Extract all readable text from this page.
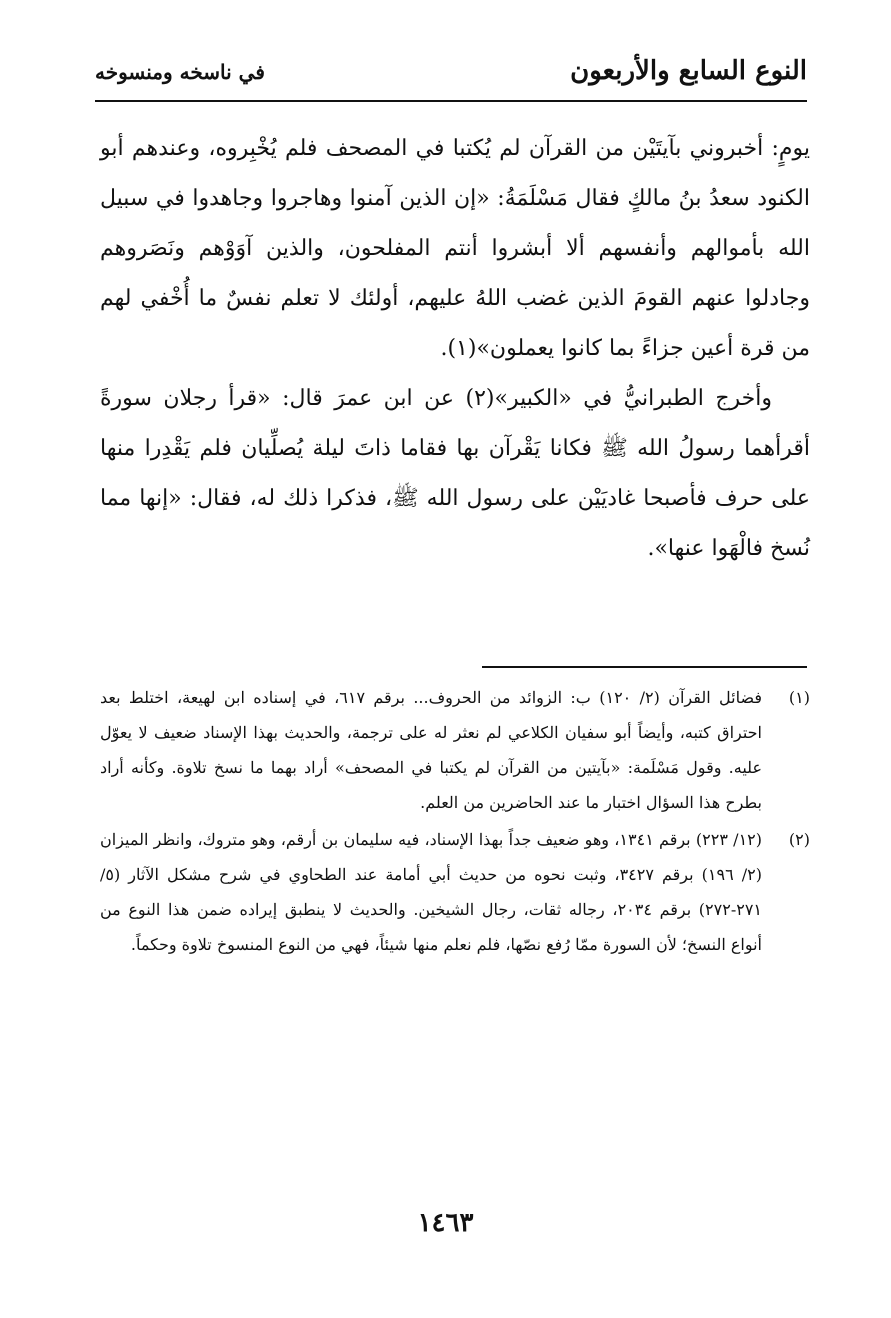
النوع السابع والأربعون
في ناسخه ومنسوخه

يومٍ: أخبروني بآيتَيْن من القرآن لم يُكتبا في المصحف فلم يُخْبِروه، وعندهم أبو الكنود سعدُ بنُ مالكٍ فقال مَسْلَمَةُ: «إن الذين آمنوا وهاجروا وجاهدوا في سبيل الله بأموالهم وأنفسهم ألا أبشروا أنتم المفلحون، والذين آوَوْهم ونَصَروهم وجادلوا عنهم القومَ الذين غضب اللهُ عليهم، أولئك لا تعلم نفسٌ ما أُخْفي لهم من قرة أعين جزاءً بما كانوا يعملون»(١).

وأخرج الطبرانيُّ في «الكبير»(٢) عن ابن عمرَ قال: «قرأ رجلان سورةً أقرأهما رسولُ الله ﷺ فكانا يَقْرآن بها فقاما ذاتَ ليلة يُصلِّيان فلم يَقْدِرا منها على حرف فأصبحا غاديَيْن على رسول الله ﷺ، فذكرا ذلك له، فقال: «إنها مما نُسخ فالْهَوا عنها».

(١)
فضائل القرآن (٢/ ١٢٠) ب: الزوائد من الحروف... برقم ٦١٧، في إسناده ابن لهيعة، اختلط بعد احتراق كتبه، وأيضاً أبو سفيان الكلاعي لم نعثر له على ترجمة، والحديث بهذا الإسناد ضعيف لا يعوّل عليه. وقول مَسْلَمة: «بآيتين من القرآن لم يكتبا في المصحف» أراد بهما ما نسخ تلاوة. وكأنه أراد بطرح هذا السؤال اختبار ما عند الحاضرين من العلم.
(٢)
(١٢/ ٢٢٣) برقم ١٣٤١، وهو ضعيف جداً بهذا الإسناد، فيه سليمان بن أرقم، وهو متروك، وانظر الميزان (٢/ ١٩٦) برقم ٣٤٢٧، وثبت نحوه من حديث أبي أمامة عند الطحاوي في شرح مشكل الآثار (٥/ ٢٧١-٢٧٢) برقم ٢٠٣٤، رجاله ثقات، رجال الشيخين. والحديث لا ينطبق إيراده ضمن هذا النوع من أنواع النسخ؛ لأن السورة ممّا رُفع نصّها، فلم نعلم منها شيئاً، فهي من النوع المنسوخ تلاوة وحكماً.
١٤٦٣
